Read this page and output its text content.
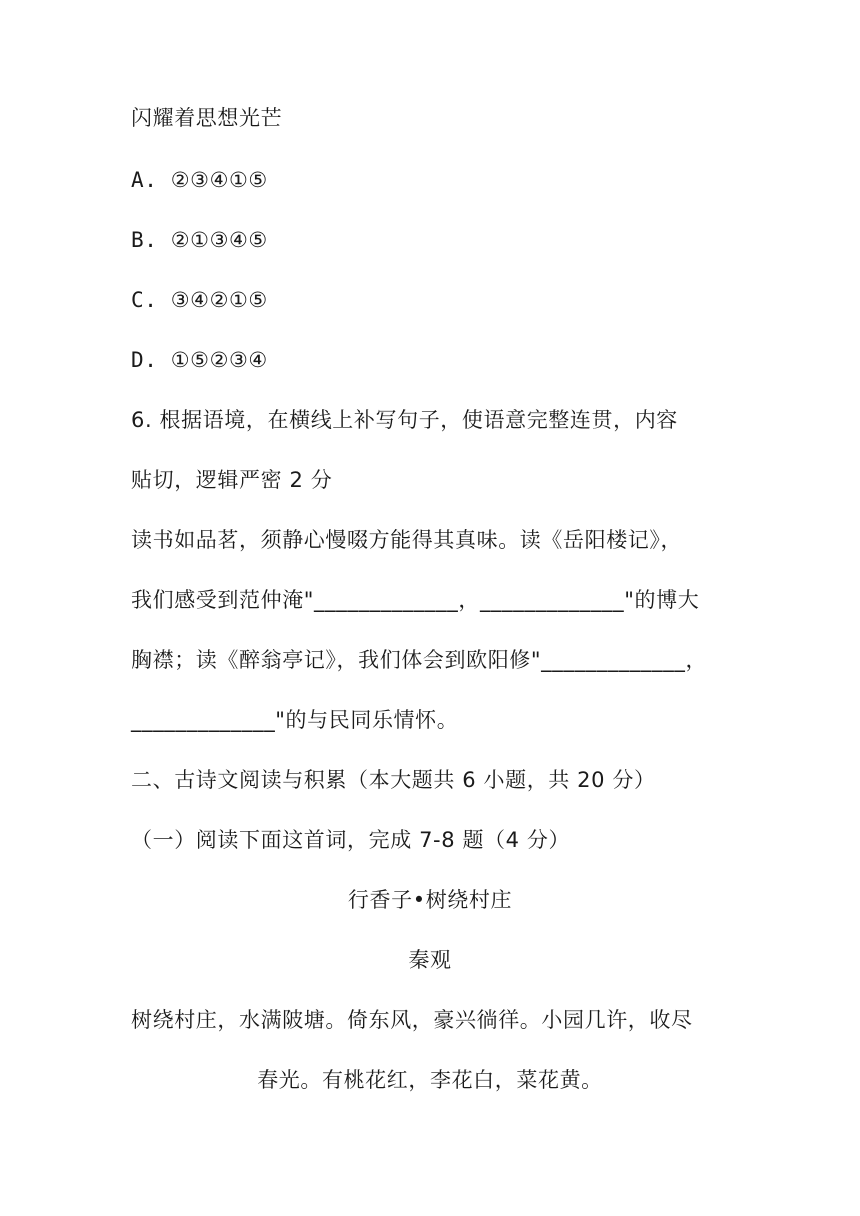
闪耀着思想光芒
A. ②③④①⑤
B. ②①③④⑤
C. ③④②①⑤
D. ①⑤②③④
6. 根据语境，在横线上补写句子，使语意完整连贯，内容
贴切，逻辑严密 2 分
读书如品茗，须静心慢啜方能得其真味。读《岳阳楼记》，
我们感受到范仲淹"_____________，_____________"的博大
胸襟；读《醉翁亭记》，我们体会到欧阳修"_____________，
_____________"的与民同乐情怀。
二、古诗文阅读与积累（本大题共 6 小题，共 20 分）
（一）阅读下面这首词，完成 7-8 题（4 分）
行香子•树绕村庄
秦观
树绕村庄，水满陂塘。倚东风，豪兴徜徉。小园几许，收尽
春光。有桃花红，李花白，菜花黄。
